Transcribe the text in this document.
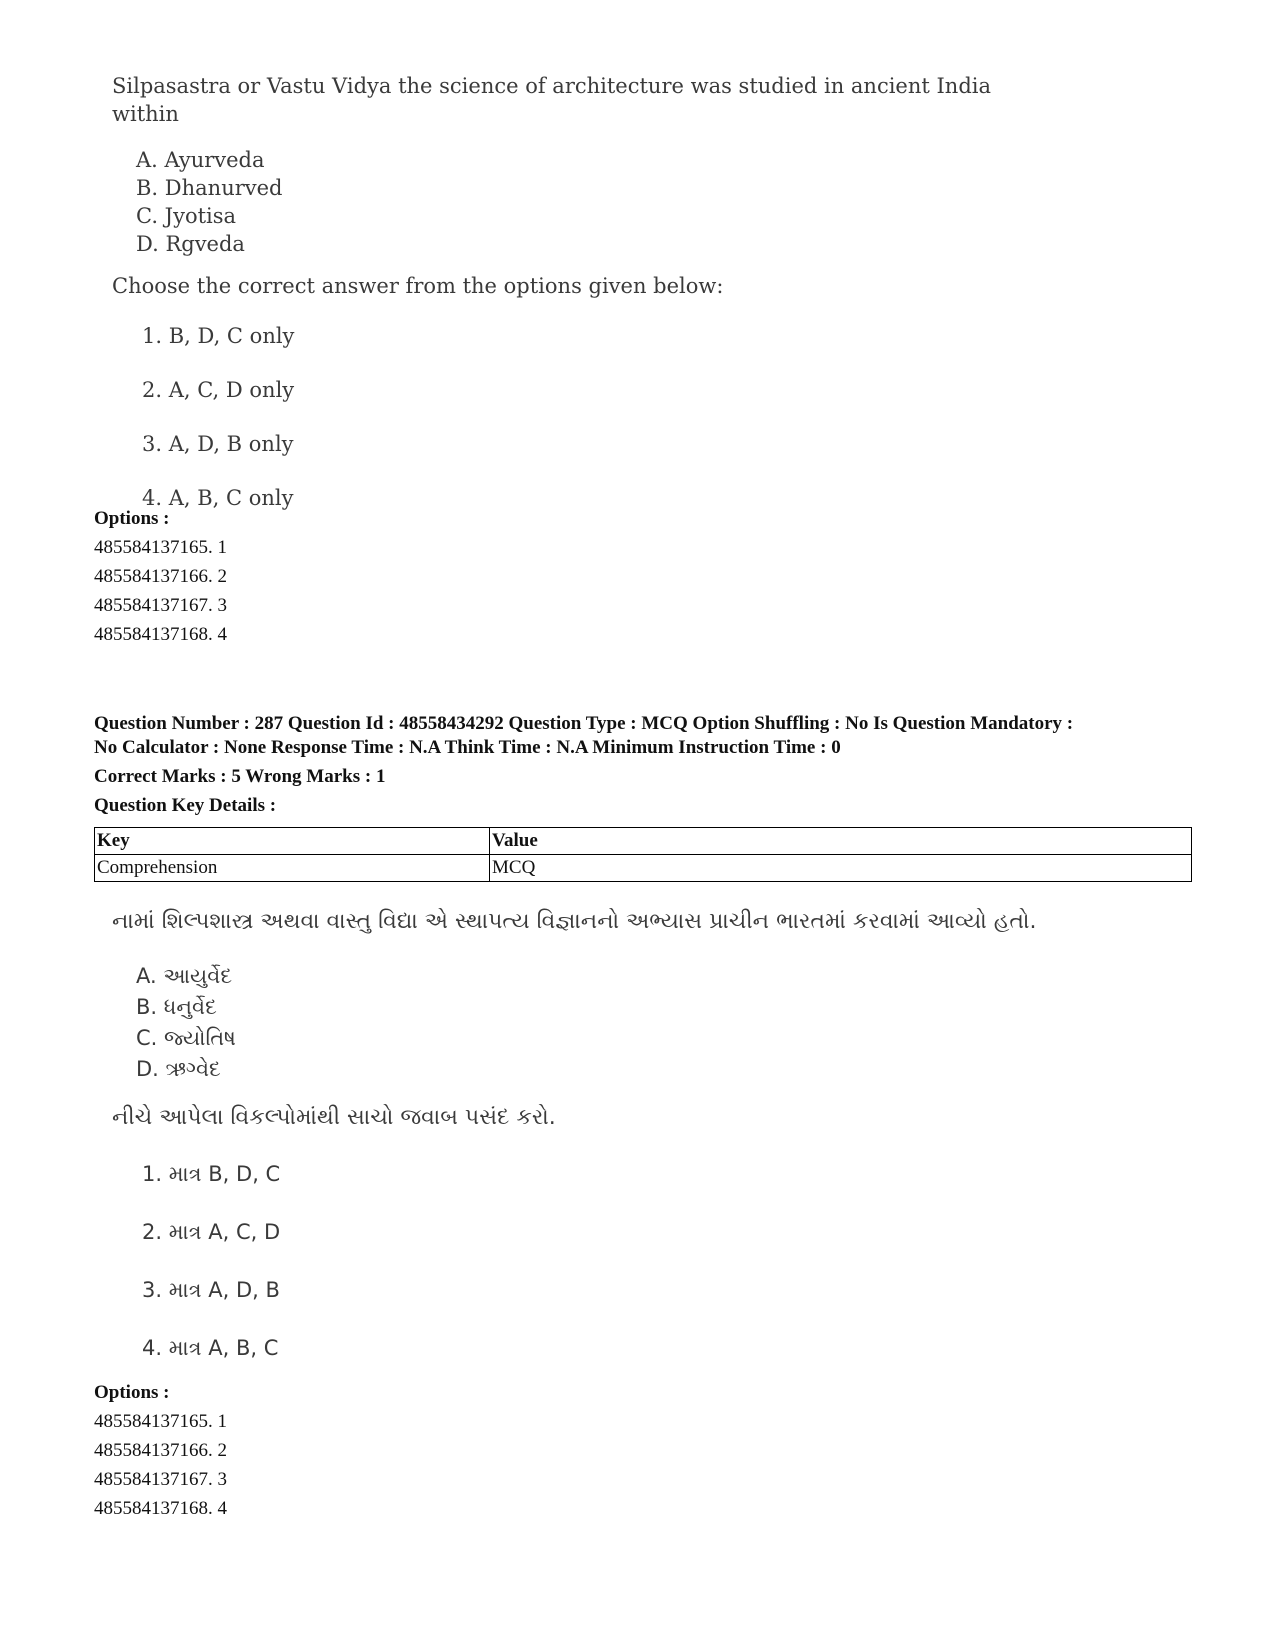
Silpasastra or Vastu Vidya the science of architecture was studied in ancient India within

A. Ayurveda
B. Dhanurved
C. Jyotisa
D. Rgveda

Choose the correct answer from the options given below:

1. B, D, C only
2. A, C, D only
3. A, D, B only
4. A, B, C only
Options :
485584137165. 1
485584137166. 2
485584137167. 3
485584137168. 4
Question Number : 287 Question Id : 48558434292 Question Type : MCQ Option Shuffling : No Is Question Mandatory :
No Calculator : None Response Time : N.A Think Time : N.A Minimum Instruction Time : 0
Correct Marks : 5 Wrong Marks : 1
Question Key Details :
Key	Value
Comprehension	MCQ

નામાં શિલ્પશાસ્ત્ર અથવા વાસ્તુ વિદ્યા એ સ્થાપત્ય વિજ્ઞાનનો અભ્યાસ પ્રાચીન ભારતમાં કરવામાં આવ્યો હતો.

A. આયુર્વેદ
B. ધનુર્વેદ
C. જ્યોતિષ
D. ઋગ્વેદ

નીચે આપેલા વિકલ્પોમાંથી સાચો જવાબ પસંદ કરો.

1. માત્ર B, D, C
2. માત્ર A, C, D
3. માત્ર A, D, B
4. માત્ર A, B, C
Options :
485584137165. 1
485584137166. 2
485584137167. 3
485584137168. 4
